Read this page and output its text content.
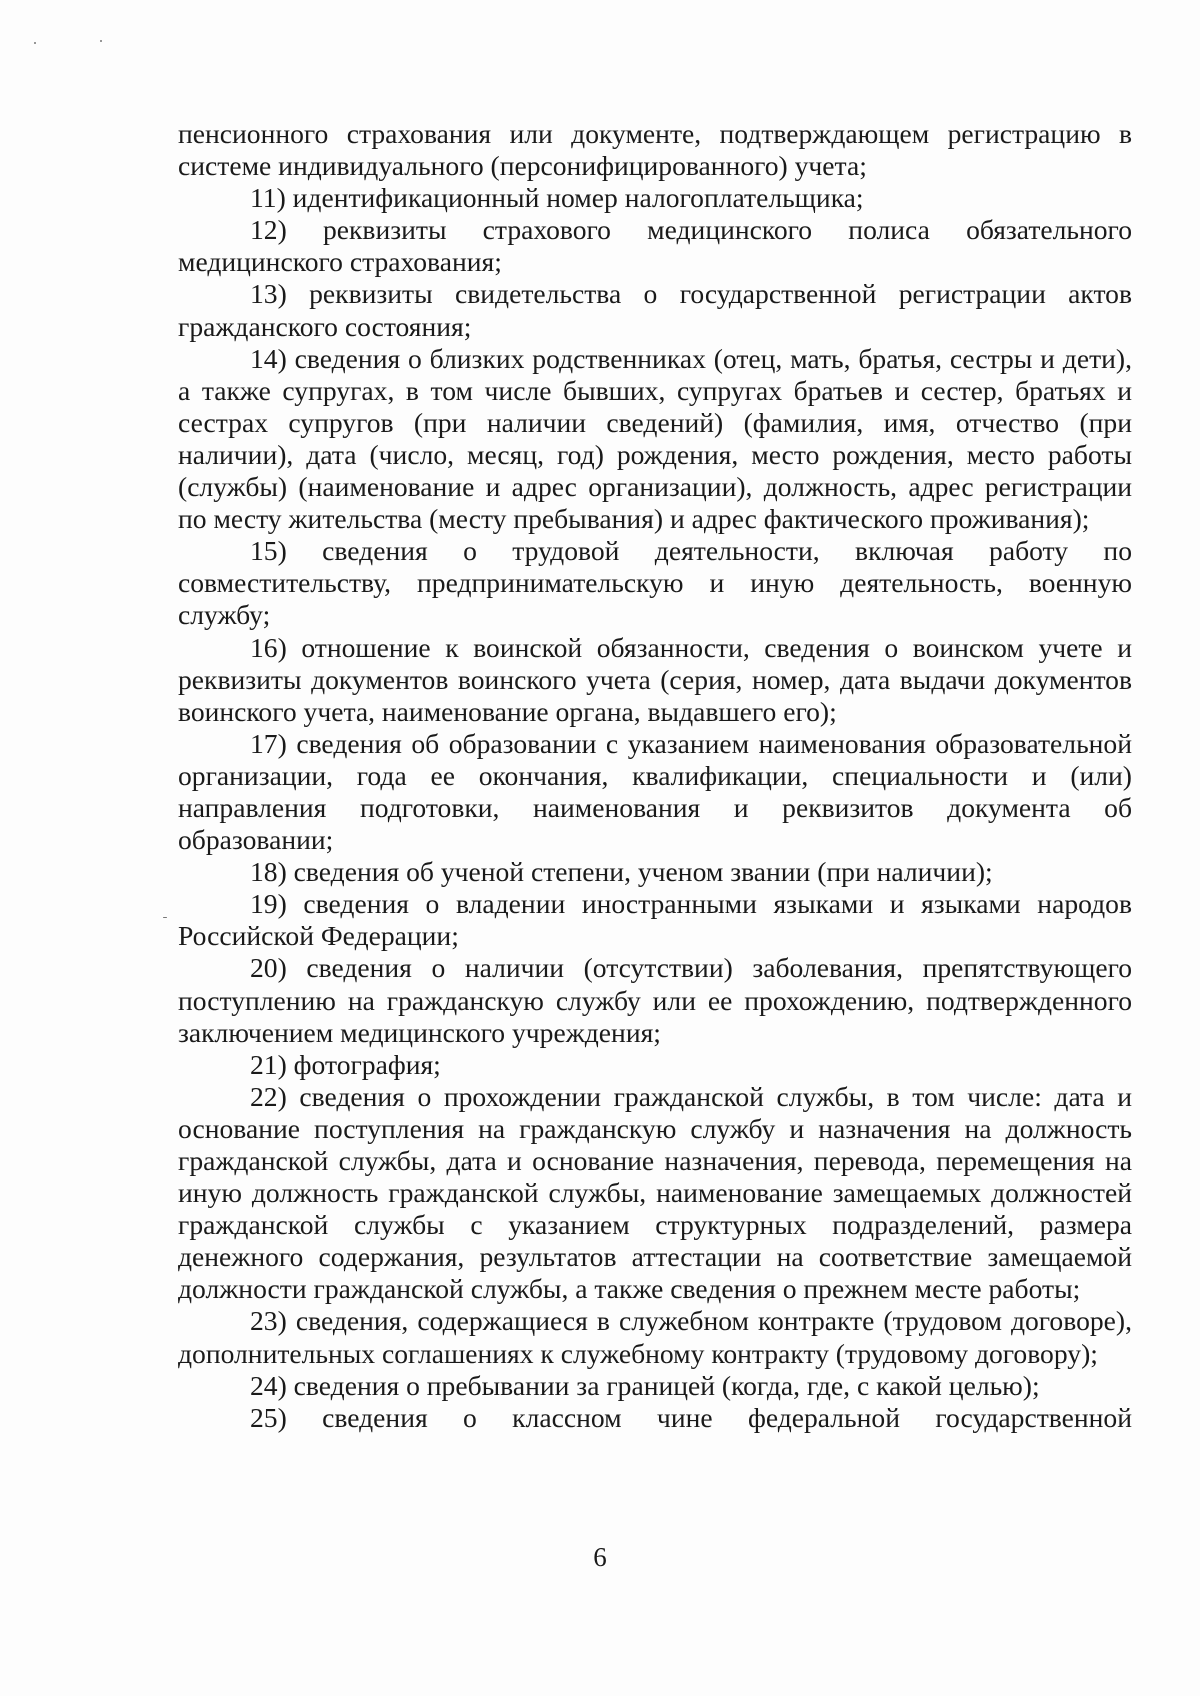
пенсионного страхования или документе, подтверждающем регистрацию в системе индивидуального (персонифицированного) учета;

11) идентификационный номер налогоплательщика;

12) реквизиты страхового медицинского полиса обязательного медицинского страхования;

13) реквизиты свидетельства о государственной регистрации актов гражданского состояния;

14) сведения о близких родственниках (отец, мать, братья, сестры и дети), а также супругах, в том числе бывших, супругах братьев и сестер, братьях и сестрах супругов (при наличии сведений) (фамилия, имя, отчество (при наличии), дата (число, месяц, год) рождения, место рождения, место работы (службы) (наименование и адрес организации), должность, адрес регистрации по месту жительства (месту пребывания) и адрес фактического проживания);

15) сведения о трудовой деятельности, включая работу по совместительству, предпринимательскую и иную деятельность, военную службу;

16) отношение к воинской обязанности, сведения о воинском учете и реквизиты документов воинского учета (серия, номер, дата выдачи документов воинского учета, наименование органа, выдавшего его);

17) сведения об образовании с указанием наименования образовательной организации, года ее окончания, квалификации, специальности и (или) направления подготовки, наименования и реквизитов документа об образовании;

18) сведения об ученой степени, ученом звании (при наличии);

19) сведения о владении иностранными языками и языками народов Российской Федерации;

20) сведения о наличии (отсутствии) заболевания, препятствующего поступлению на гражданскую службу или ее прохождению, подтвержденного заключением медицинского учреждения;

21) фотография;

22) сведения о прохождении гражданской службы, в том числе: дата и основание поступления на гражданскую службу и назначения на должность гражданской службы, дата и основание назначения, перевода, перемещения на иную должность гражданской службы, наименование замещаемых должностей гражданской службы с указанием структурных подразделений, размера денежного содержания, результатов аттестации на соответствие замещаемой должности гражданской службы, а также сведения о прежнем месте работы;

23) сведения, содержащиеся в служебном контракте (трудовом договоре), дополнительных соглашениях к служебному контракту (трудовому договору);

24) сведения о пребывании за границей (когда, где, с какой целью);

25) сведения о классном чине федеральной государственной

6
